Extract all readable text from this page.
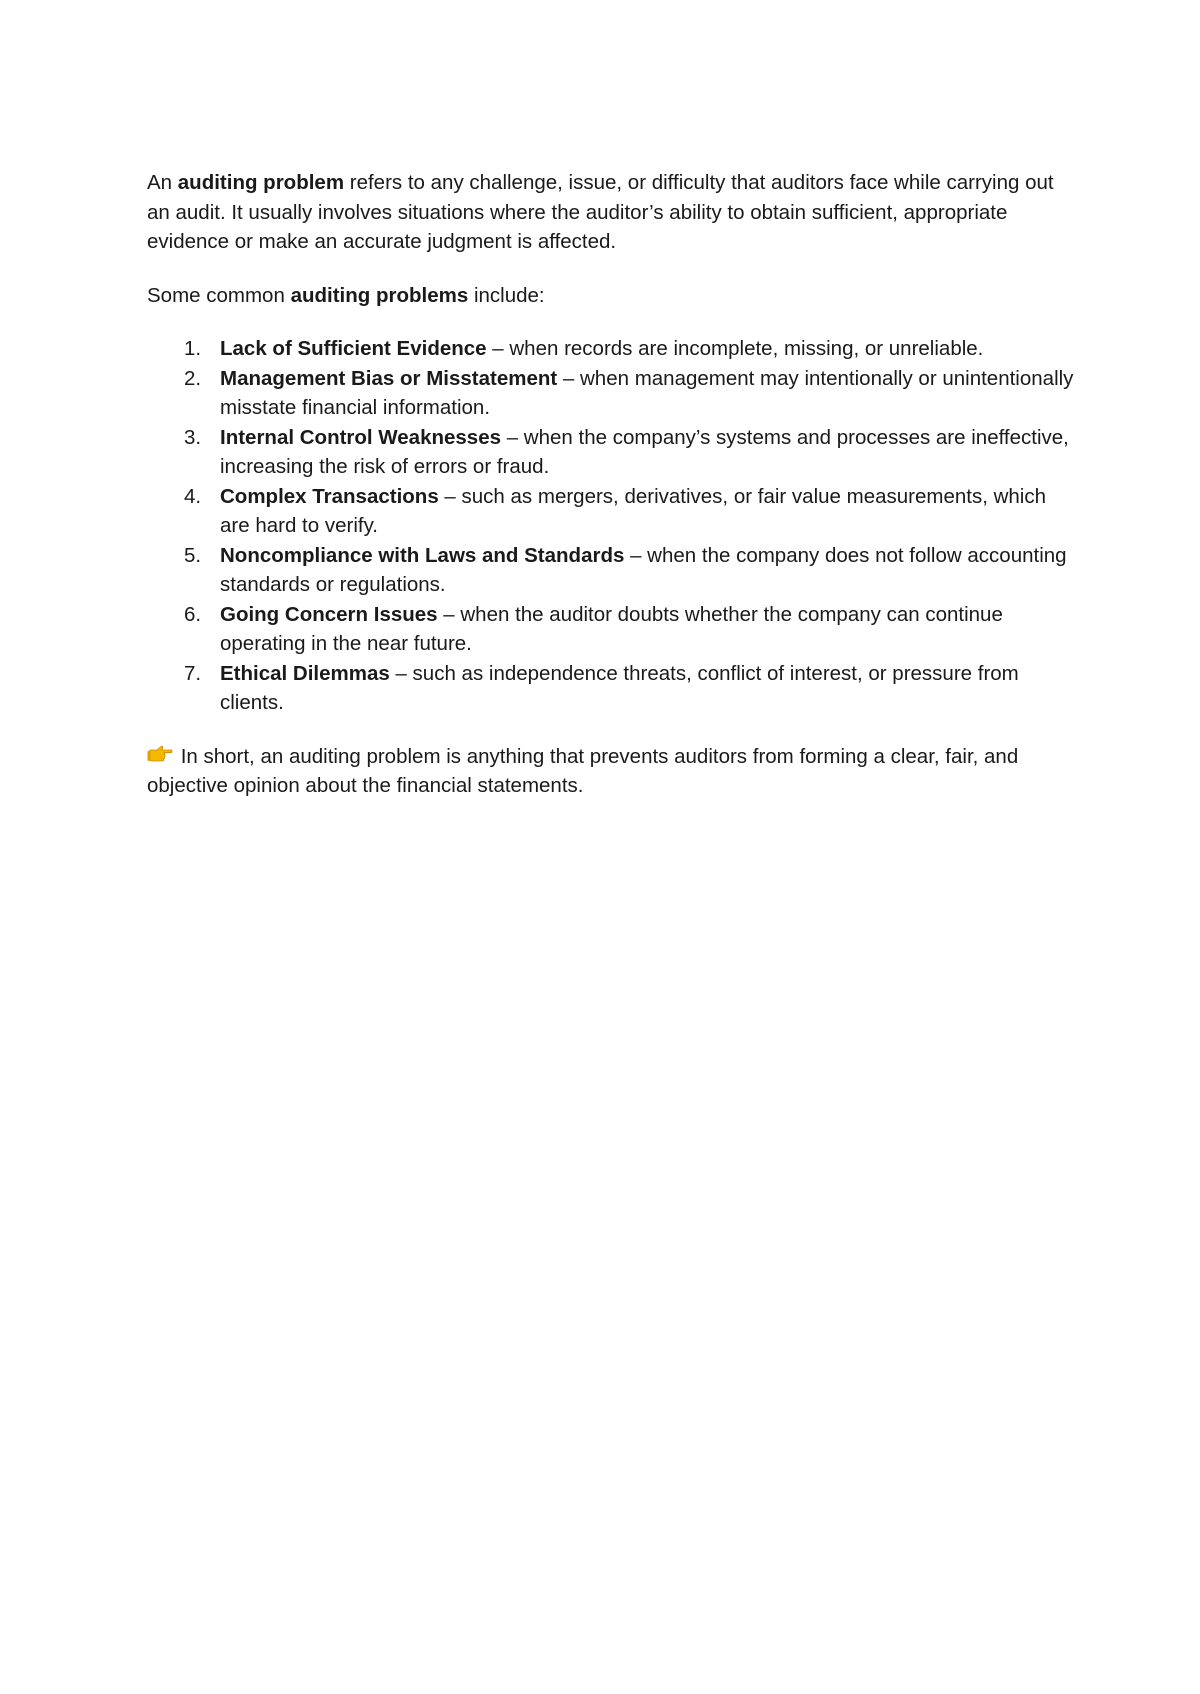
An auditing problem refers to any challenge, issue, or difficulty that auditors face while carrying out an audit. It usually involves situations where the auditor’s ability to obtain sufficient, appropriate evidence or make an accurate judgment is affected.

Some common auditing problems include:

1. Lack of Sufficient Evidence – when records are incomplete, missing, or unreliable.
2. Management Bias or Misstatement – when management may intentionally or unintentionally misstate financial information.
3. Internal Control Weaknesses – when the company’s systems and processes are ineffective, increasing the risk of errors or fraud.
4. Complex Transactions – such as mergers, derivatives, or fair value measurements, which are hard to verify.
5. Noncompliance with Laws and Standards – when the company does not follow accounting standards or regulations.
6. Going Concern Issues – when the auditor doubts whether the company can continue operating in the near future.
7. Ethical Dilemmas – such as independence threats, conflict of interest, or pressure from clients.

In short, an auditing problem is anything that prevents auditors from forming a clear, fair, and objective opinion about the financial statements.
